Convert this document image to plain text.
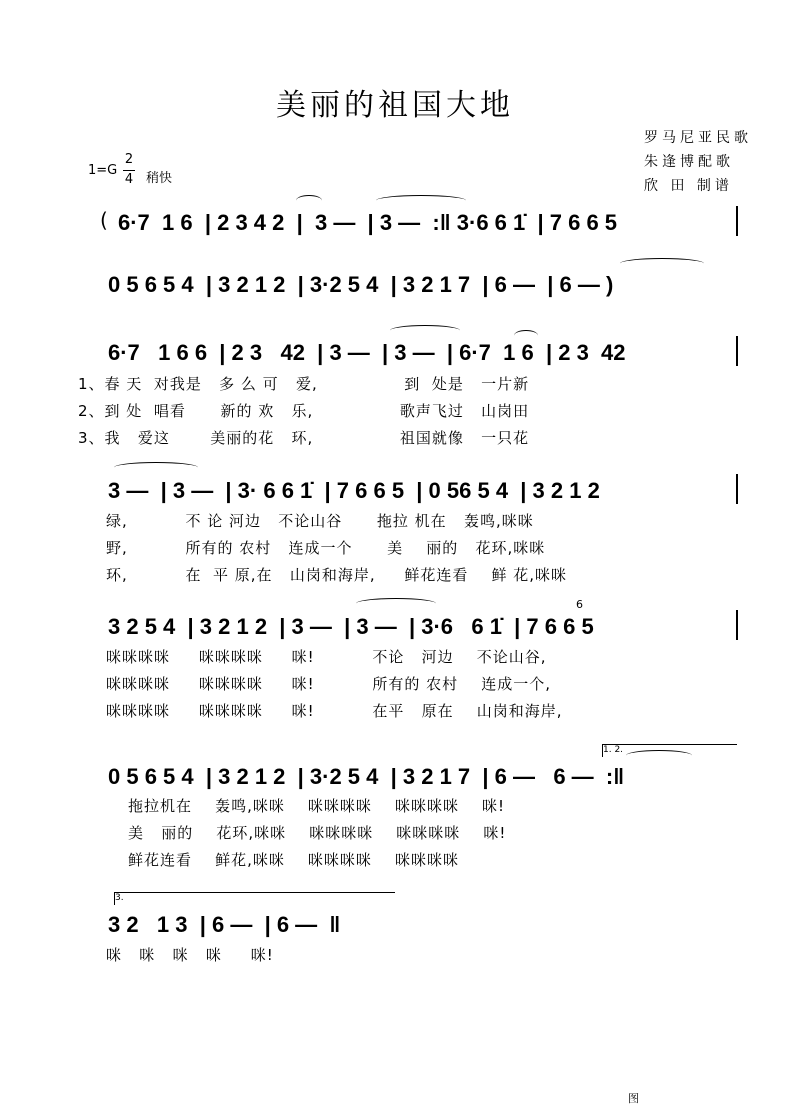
美丽的祖国大地
罗马尼亚民歌
朱逢博配歌
欣 田 制谱
1=G
2
4 稍快
( 6·7  1 6  | 2 3 4 2  |  3 —  | 3 —  :‖ 3·6 6 1̇  | 7 6 6 5
0 5 6 5 4  | 3 2 1 2  | 3·2 5 4  | 3 2 1 7  | 6 —  | 6 — )
6·7   1 6 6  | 2 3   42  | 3 —  | 3 —  | 6·7  1 6  | 2 3  42
1、春 天  对我是   多 么 可   爱,               到  处是   一片新
2、到 处  唱看      新的 欢   乐,               歌声飞过   山岗田
3、我   爱这       美丽的花   环,               祖国就像   一只花
3 —  | 3 —  | 3· 6 6 1̇  | 7 6 6 5  | 0 56 5 4  | 3 2 1 2
绿,          不 论 河边   不论山谷      拖拉 机在   轰鸣,咪咪
野,          所有的 农村   连成一个      美    丽的   花环,咪咪
环,          在  平 原,在   山岗和海岸,     鲜花连看    鲜 花,咪咪
3 2 5 4  | 3 2 1 2  | 3 —  | 3 —  | 3·6   6 1̇  | 7 6 6 5
6
咪咪咪咪     咪咪咪咪     咪!          不论   河边    不论山谷,
咪咪咪咪     咪咪咪咪     咪!          所有的 农村    连成一个,
咪咪咪咪     咪咪咪咪     咪!          在平   原在    山岗和海岸,
1. 2.
0 5 6 5 4  | 3 2 1 2  | 3·2 5 4  | 3 2 1 7  | 6 —   6 —  :‖
拖拉机在    轰鸣,咪咪    咪咪咪咪    咪咪咪咪    咪!
美   丽的    花环,咪咪    咪咪咪咪    咪咪咪咪    咪!
鲜花连看    鲜花,咪咪    咪咪咪咪    咪咪咪咪
3.
3 2   1 3  | 6 —  | 6 —  ‖
咪   咪   咪   咪     咪!
图
